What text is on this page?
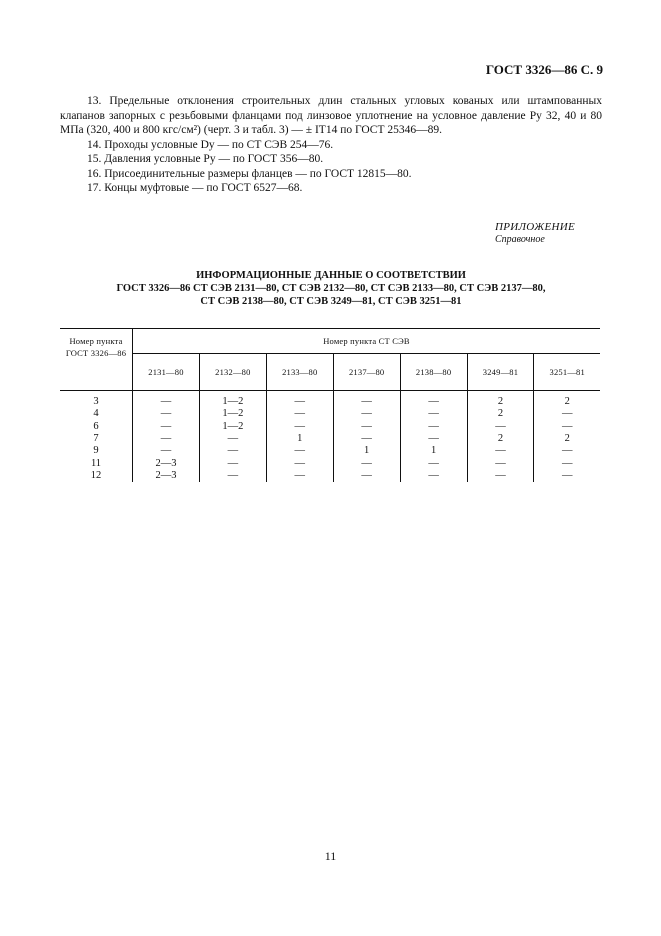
ГОСТ 3326—86 С. 9

13. Предельные отклонения строительных длин стальных угловых кованых или штампованных клапанов запорных с резьбовыми фланцами под линзовое уплотнение на условное давление Pу 32, 40 и 80 МПа (320, 400 и 800 кгс/см²) (черт. 3 и табл. 3) — ± IT14 по ГОСТ 25346—89.

14. Проходы условные Dу — по СТ СЭВ 254—76.

15. Давления условные Pу — по ГОСТ 356—80.

16. Присоединительные размеры фланцев — по ГОСТ 12815—80.

17. Концы муфтовые — по ГОСТ 6527—68.

ПРИЛОЖЕНИЕ
Справочное
ИНФОРМАЦИОННЫЕ ДАННЫЕ О СООТВЕТСТВИИ
ГОСТ 3326—86 СТ СЭВ 2131—80, СТ СЭВ 2132—80, СТ СЭВ 2133—80, СТ СЭВ 2137—80,
СТ СЭВ 2138—80, СТ СЭВ 3249—81, СТ СЭВ 3251—81
Номер пункта ГОСТ 3326—86	Номер пункта СТ СЭВ						
	2131—80	2132—80	2133—80	2137—80	2138—80	3249—81	3251—81
3	—	1—2	—	—	—	2	2
4	—	1—2	—	—	—	2	—
6	—	1—2	—	—	—	—	—
7	—	—	1	—	—	2	2
9	—	—	—	1	1	—	—
11	2—3	—	—	—	—	—	—
12	2—3	—	—	—	—	—	—
11
